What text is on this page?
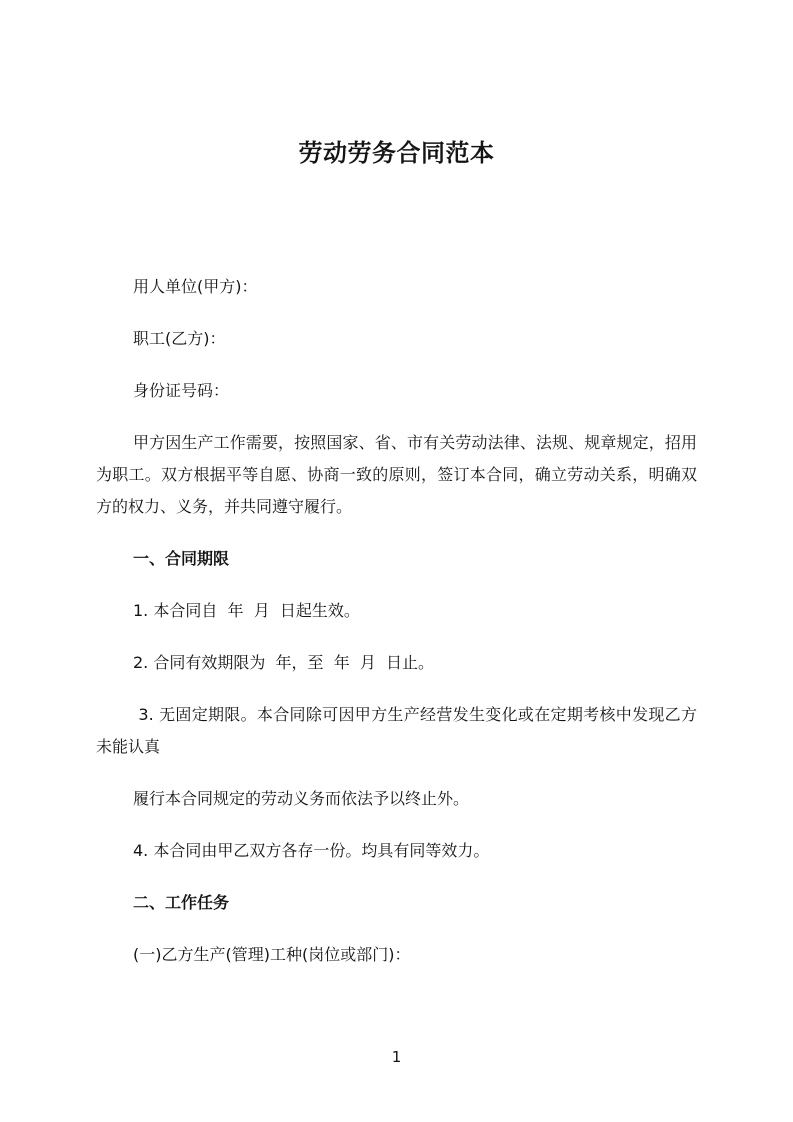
劳动劳务合同范本

用人单位(甲方)：

职工(乙方)：

身份证号码：

甲方因生产工作需要，按照国家、省、市有关劳动法律、法规、规章规定，招用为职工。双方根据平等自愿、协商一致的原则，签订本合同，确立劳动关系，明确双方的权力、义务，并共同遵守履行。

一、合同期限

1. 本合同自  年  月  日起生效。

2. 合同有效期限为  年，至  年  月  日止。

3. 无固定期限。本合同除可因甲方生产经营发生变化或在定期考核中发现乙方未能认真

履行本合同规定的劳动义务而依法予以终止外。

4. 本合同由甲乙双方各存一份。均具有同等效力。

二、工作任务

(一)乙方生产(管理)工种(岗位或部门)：

1
